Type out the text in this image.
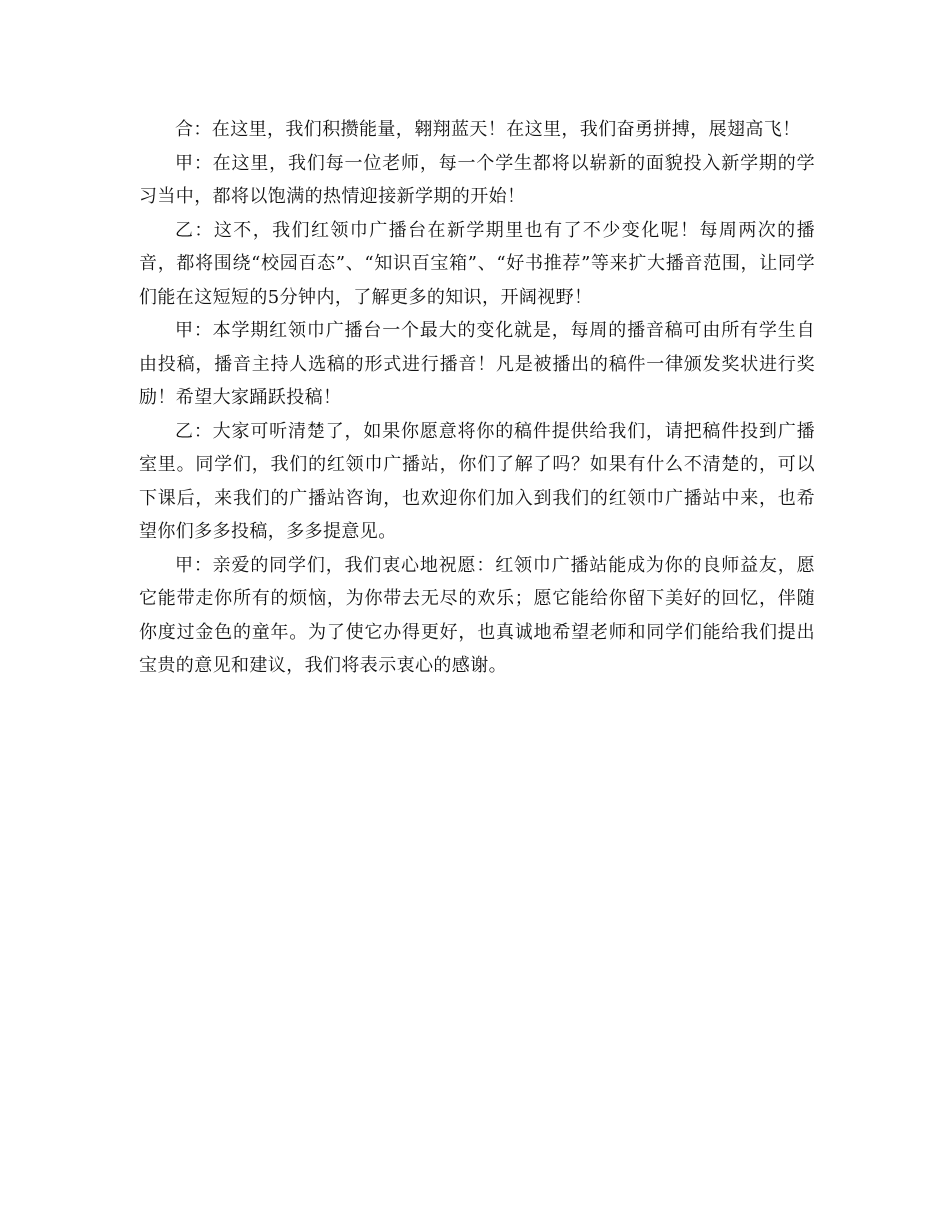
合：在这里，我们积攒能量，翱翔蓝天！在这里，我们奋勇拼搏，展翅高飞！

甲：在这里，我们每一位老师，每一个学生都将以崭新的面貌投入新学期的学习当中，都将以饱满的热情迎接新学期的开始！

乙：这不，我们红领巾广播台在新学期里也有了不少变化呢！每周两次的播音，都将围绕“校园百态”、“知识百宝箱”、“好书推荐”等来扩大播音范围，让同学们能在这短短的5分钟内，了解更多的知识，开阔视野！

甲：本学期红领巾广播台一个最大的变化就是，每周的播音稿可由所有学生自由投稿，播音主持人选稿的形式进行播音！凡是被播出的稿件一律颁发奖状进行奖励！希望大家踊跃投稿！

乙：大家可听清楚了，如果你愿意将你的稿件提供给我们，请把稿件投到广播室里。同学们，我们的红领巾广播站，你们了解了吗？如果有什么不清楚的，可以下课后，来我们的广播站咨询，也欢迎你们加入到我们的红领巾广播站中来，也希望你们多多投稿，多多提意见。

甲：亲爱的同学们，我们衷心地祝愿：红领巾广播站能成为你的良师益友，愿它能带走你所有的烦恼，为你带去无尽的欢乐；愿它能给你留下美好的回忆，伴随你度过金色的童年。为了使它办得更好，也真诚地希望老师和同学们能给我们提出宝贵的意见和建议，我们将表示衷心的感谢。
